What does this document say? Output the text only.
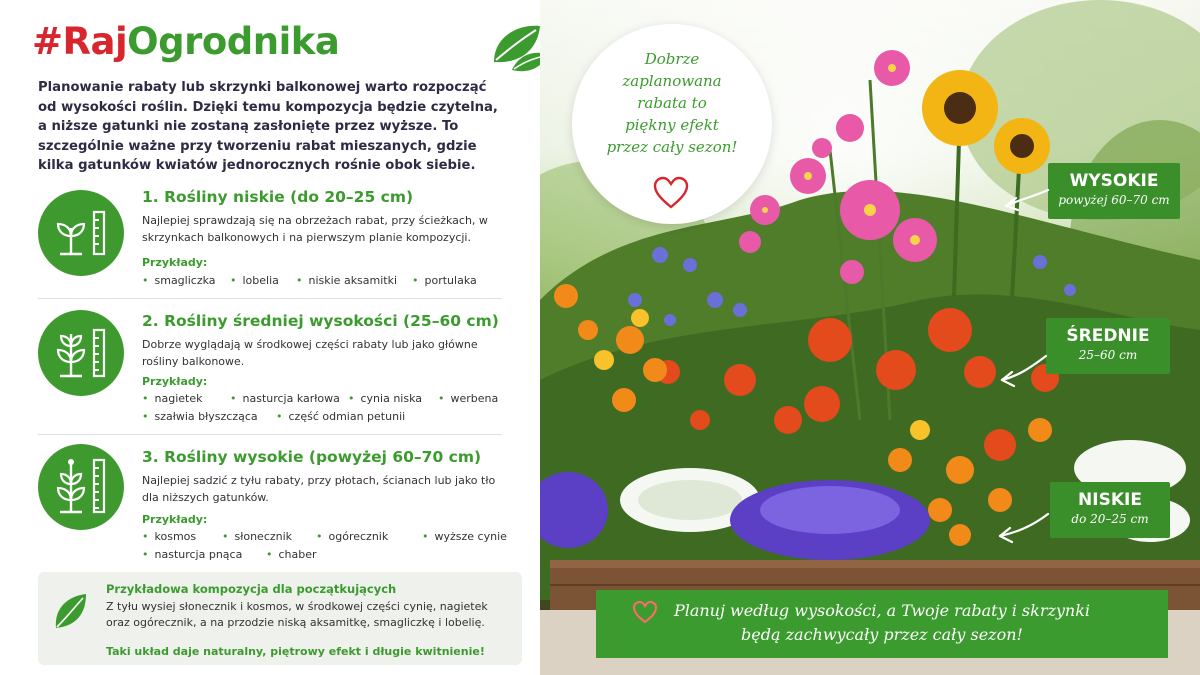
#RajOgrodnika

Planowanie rabaty lub skrzynki balkonowej warto rozpocząć od wysokości roślin. Dzięki temu kompozycja będzie czytelna, a niższe gatunki nie zostaną zasłonięte przez wyższe. To szczególnie ważne przy tworzeniu rabat mieszanych, gdzie kilka gatunków kwiatów jednorocznych rośnie obok siebie.

1. Rośliny niskie (do 20–25 cm)
Najlepiej sprawdzają się na obrzeżach rabat, przy ścieżkach, w skrzynkach balkonowych i na pierwszym planie kompozycji.
Przykłady:
• smagliczka	• lobelia	• niskie aksamitki	• portulaka
2. Rośliny średniej wysokości (25–60 cm)
Dobrze wyglądają w środkowej części rabaty lub jako główne rośliny balkonowe.
Przykłady:
• nagietek	• nasturcja karłowa	• cynia niska	• werbena
• szałwia błyszcząca	• część odmian petunii
3. Rośliny wysokie (powyżej 60–70 cm)
Najlepiej sadzić z tyłu rabaty, przy płotach, ścianach lub jako tło dla niższych gatunków.
Przykłady:
• kosmos	• słonecznik	• ogórecznik	• wyższe cynie
• nasturcja pnąca	• chaber
Przykładowa kompozycja dla początkujących
Z tyłu wysiej słonecznik i kosmos, w środkowej części cynię, nagietek oraz ogórecznik, a na przodzie niską aksamitkę, smagliczkę i lobelię.
Taki układ daje naturalny, piętrowy efekt i długie kwitnienie!
Dobrze
zaplanowana
rabata to
piękny efekt
przez cały sezon!
WYSOKIE
powyżej 60–70 cm
ŚREDNIE
25–60 cm
NISKIE
do 20–25 cm
Planuj według wysokości, a Twoje rabaty i skrzynki
będą zachwycały przez cały sezon!
